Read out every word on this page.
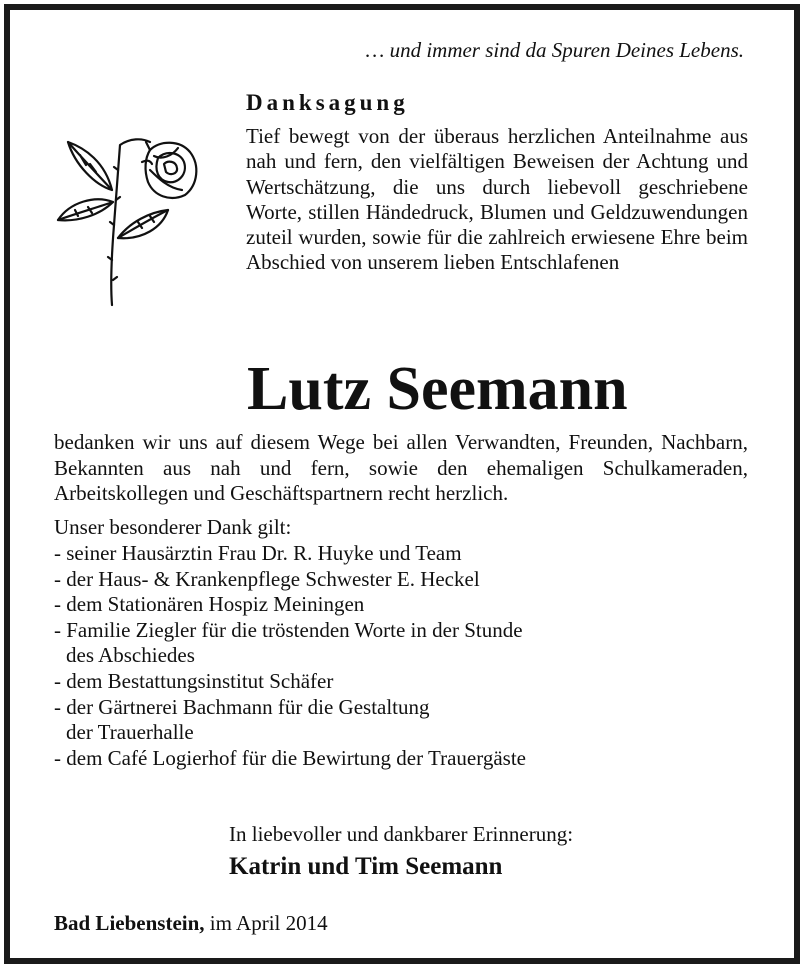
… und immer sind da Spuren Deines Lebens.
Danksagung
Tief bewegt von der überaus herzlichen Anteilnahme aus nah und fern, den vielfältigen Beweisen der Achtung und Wertschätzung, die uns durch liebevoll geschriebene Worte, stillen Händedruck, Blumen und Geldzuwendungen zuteil wurden, sowie für die zahlreich erwiesene Ehre beim Abschied von unserem lieben Entschlafenen
Lutz Seemann
bedanken wir uns auf diesem Wege bei allen Verwandten, Freunden, Nachbarn, Bekannten aus nah und fern, sowie den ehemaligen Schulkameraden, Arbeitskollegen und Geschäftspartnern recht herzlich.
Unser besonderer Dank gilt:
- seiner Hausärztin Frau Dr. R. Huyke und Team
- der Haus- & Krankenpflege Schwester E. Heckel
- dem Stationären Hospiz Meiningen
- Familie Ziegler für die tröstenden Worte in der Stunde
des Abschiedes
- dem Bestattungsinstitut Schäfer
- der Gärtnerei Bachmann für die Gestaltung
der Trauerhalle
- dem Café Logierhof für die Bewirtung der Trauergäste
In liebevoller und dankbarer Erinnerung:
Katrin und Tim Seemann
Bad Liebenstein, im April 2014
